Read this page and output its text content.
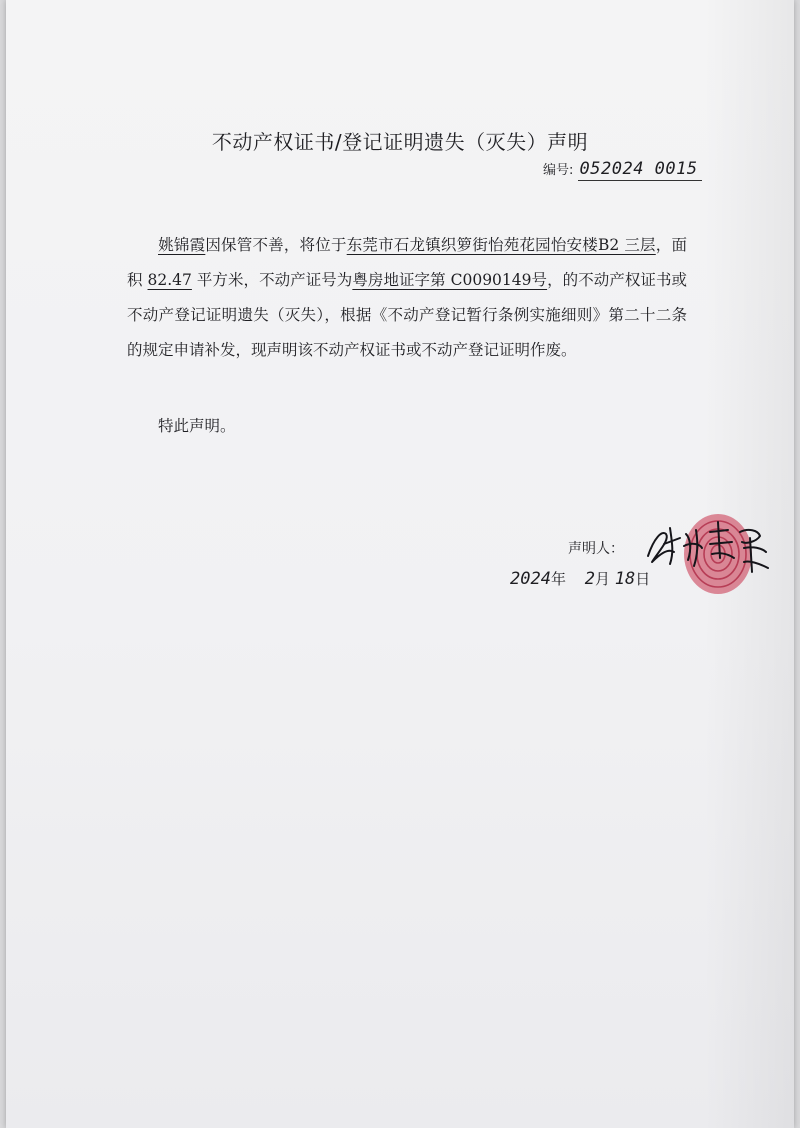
不动产权证书/登记证明遗失（灭失）声明
编号: 052024 0015
姚锦霞因保管不善，将位于东莞市石龙镇织箩街怡苑花园怡安楼B2 三层，面积 82.47 平方米，不动产证号为粤房地证字第 C0090149号，的不动产权证书或不动产登记证明遗失（灭失），根据《不动产登记暂行条例实施细则》第二十二条的规定申请补发，现声明该不动产权证书或不动产登记证明作废。
特此声明。
声明人：
2024年 2月 18日
